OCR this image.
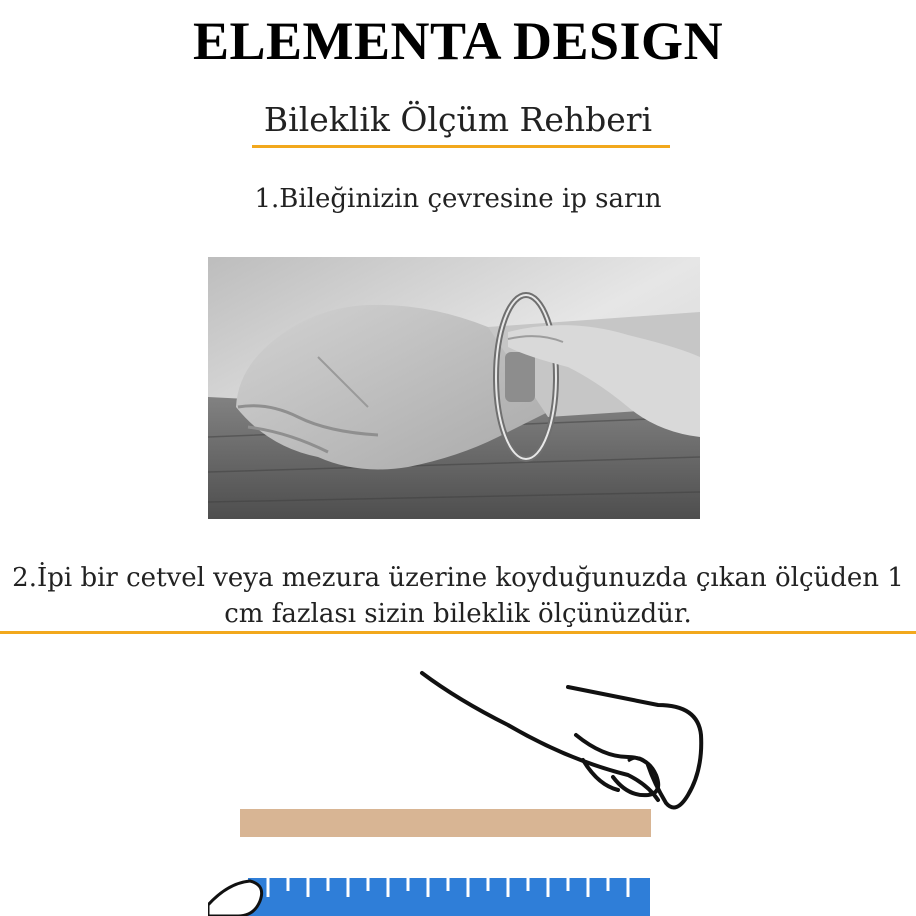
ELEMENTA DESIGN
Bileklik Ölçüm Rehberi
1.Bileğinizin çevresine ip sarın
2.İpi bir cetvel veya mezura üzerine koyduğunuzda çıkan ölçüden 1
cm fazlası sizin bileklik ölçünüzdür.
